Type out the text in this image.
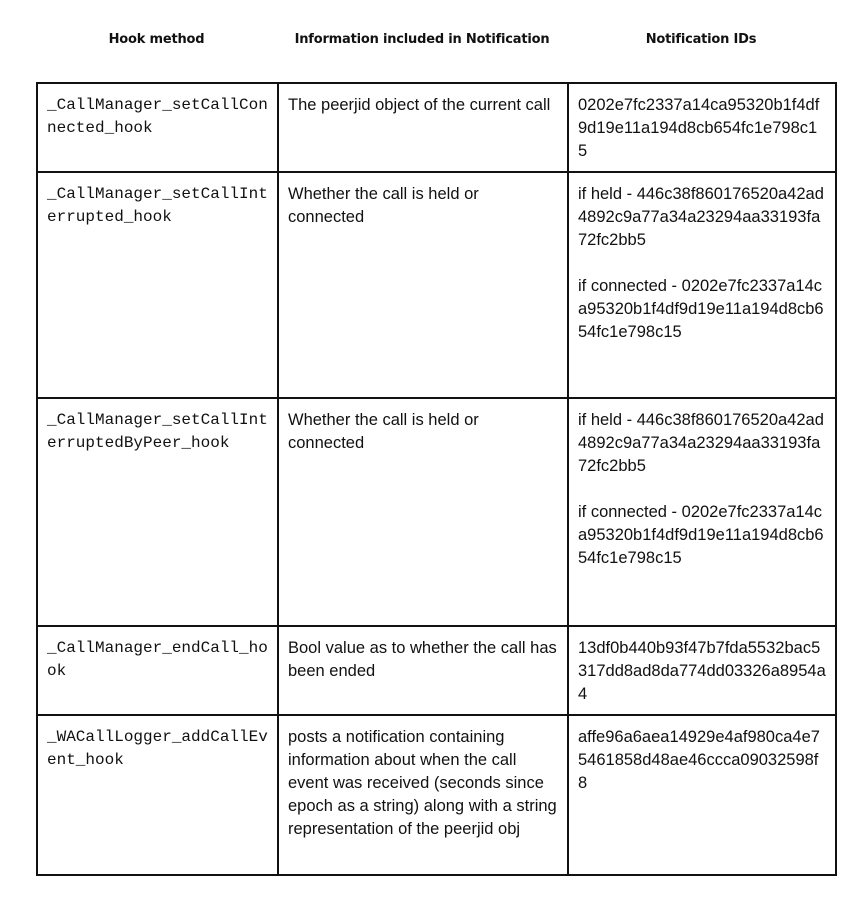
Hook method	Information included in Notification	Notification IDs
_CallManager_setCallConnected_hook	The peerjid object of the current call	0202e7fc2337a14ca95320b1f4df9d19e11a194d8cb654fc1e798c15

_CallManager_setCallInterrupted_hook	Whether the call is held or connected	if held - 446c38f860176520a42ad4892c9a77a34a23294aa33193fa72fc2bb5
if connected - 0202e7fc2337a14ca95320b1f4df9d19e11a194d8cb654fc1e798c15

_CallManager_setCallInterruptedByPeer_hook	Whether the call is held or connected	if held - 446c38f860176520a42ad4892c9a77a34a23294aa33193fa72fc2bb5
if connected - 0202e7fc2337a14ca95320b1f4df9d19e11a194d8cb654fc1e798c15

_CallManager_endCall_hook	Bool value as to whether the call has been ended	13df0b440b93f47b7fda5532bac5317dd8ad8da774dd03326a8954a4

_WACallLogger_addCallEvent_hook	posts a notification containing information about when the call event was received (seconds since epoch as a string) along with a string representation of the peerjid obj	affe96a6aea14929e4af980ca4e75461858d48ae46ccca09032598f8
